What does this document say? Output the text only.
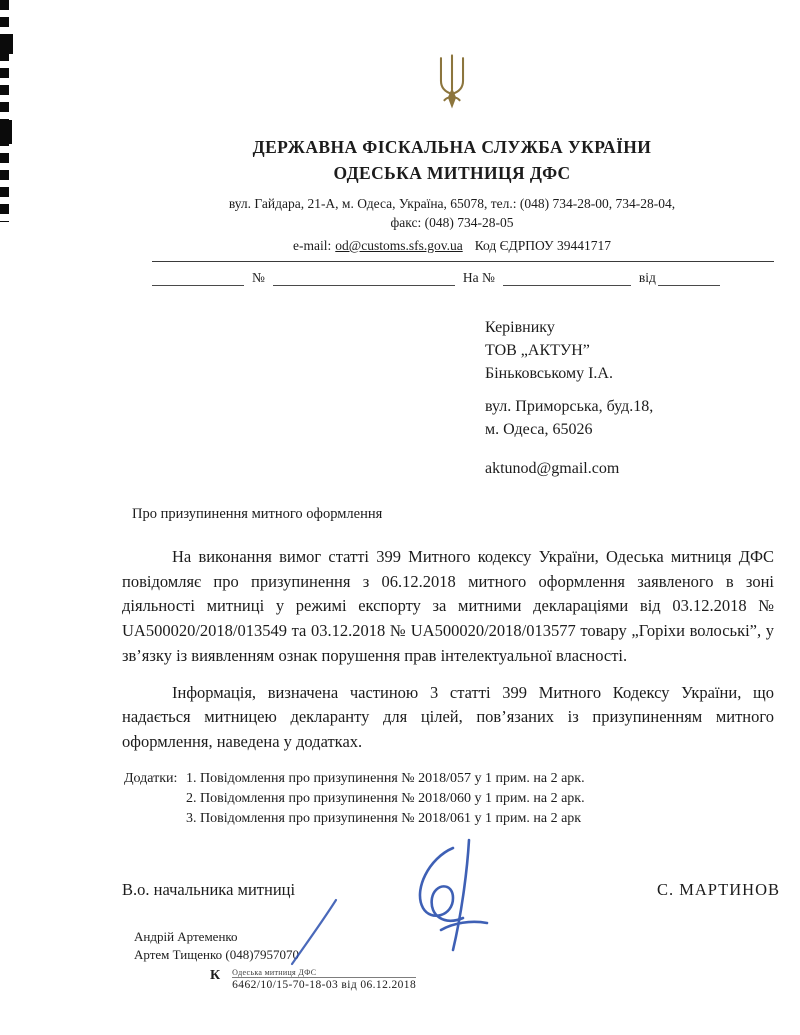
ДЕРЖАВНА ФІСКАЛЬНА СЛУЖБА УКРАЇНИ
ОДЕСЬКА МИТНИЦЯ ДФС
вул. Гайдара, 21-А, м. Одеса, Україна, 65078, тел.: (048) 734-28-00, 734-28-04,
факс: (048) 734-28-05
e-mail: od@customs.sfs.gov.ua Код ЄДРПОУ 39441717
№	На №	від
Керівнику
ТОВ „АКТУН”
Біньковському І.А.
вул. Приморська, буд.18,
м. Одеса, 65026
aktunod@gmail.com
Про призупинення митного оформлення

На виконання вимог статті 399 Митного кодексу України, Одеська митниця ДФС повідомляє про призупинення з 06.12.2018 митного оформлення заявленого в зоні діяльності митниці у режимі експорту за митними деклараціями від 03.12.2018 № UA500020/2018/013549 та 03.12.2018 № UA500020/2018/013577 товару „Горіхи волоські”, у зв’язку із виявленням ознак порушення прав інтелектуальної власності.

Інформація, визначена частиною 3 статті 399 Митного Кодексу України, що надається митницею декларанту для цілей, пов’язаних із призупиненням митного оформлення, наведена у додатках.

Додатки: 1. Повідомлення про призупинення № 2018/057 у 1 прим. на 2 арк.
2. Повідомлення про призупинення № 2018/060 у 1 прим. на 2 арк.
3. Повідомлення про призупинення № 2018/061 у 1 прим. на 2 арк
В.о. начальника митниці	С. МАРТИНОВ
Андрій Артеменко
Артем Тищенко (048)7957070
К Одеська митниця ДФС
6462/10/15-70-18-03 від 06.12.2018
